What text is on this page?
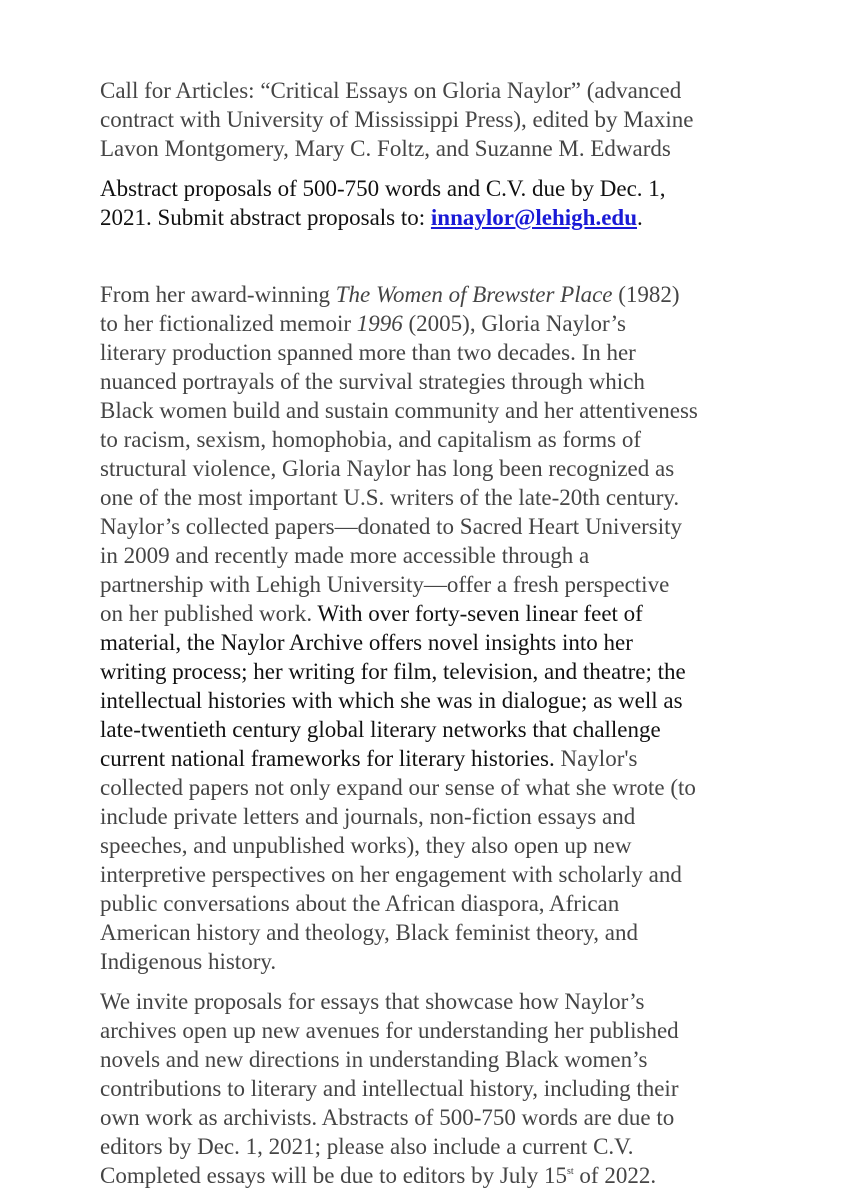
Call for Articles: “Critical Essays on Gloria Naylor” (advanced
contract with University of Mississippi Press), edited by Maxine
Lavon Montgomery, Mary C. Foltz, and Suzanne M. Edwards
Abstract proposals of 500-750 words and C.V. due by Dec. 1,
2021. Submit abstract proposals to: innaylor@lehigh.edu.
From her award-winning The Women of Brewster Place (1982)
to her fictionalized memoir 1996 (2005), Gloria Naylor’s
literary production spanned more than two decades. In her
nuanced portrayals of the survival strategies through which
Black women build and sustain community and her attentiveness
to racism, sexism, homophobia, and capitalism as forms of
structural violence, Gloria Naylor has long been recognized as
one of the most important U.S. writers of the late-20th century.
Naylor’s collected papers—donated to Sacred Heart University
in 2009 and recently made more accessible through a
partnership with Lehigh University—offer a fresh perspective
on her published work. With over forty-seven linear feet of
material, the Naylor Archive offers novel insights into her
writing process; her writing for film, television, and theatre; the
intellectual histories with which she was in dialogue; as well as
late-twentieth century global literary networks that challenge
current national frameworks for literary histories. Naylor's
collected papers not only expand our sense of what she wrote (to
include private letters and journals, non-fiction essays and
speeches, and unpublished works), they also open up new
interpretive perspectives on her engagement with scholarly and
public conversations about the African diaspora, African
American history and theology, Black feminist theory, and
Indigenous history.
We invite proposals for essays that showcase how Naylor’s
archives open up new avenues for understanding her published
novels and new directions in understanding Black women’s
contributions to literary and intellectual history, including their
own work as archivists. Abstracts of 500-750 words are due to
editors by Dec. 1, 2021; please also include a current C.V.
Completed essays will be due to editors by July 15st of 2022.
